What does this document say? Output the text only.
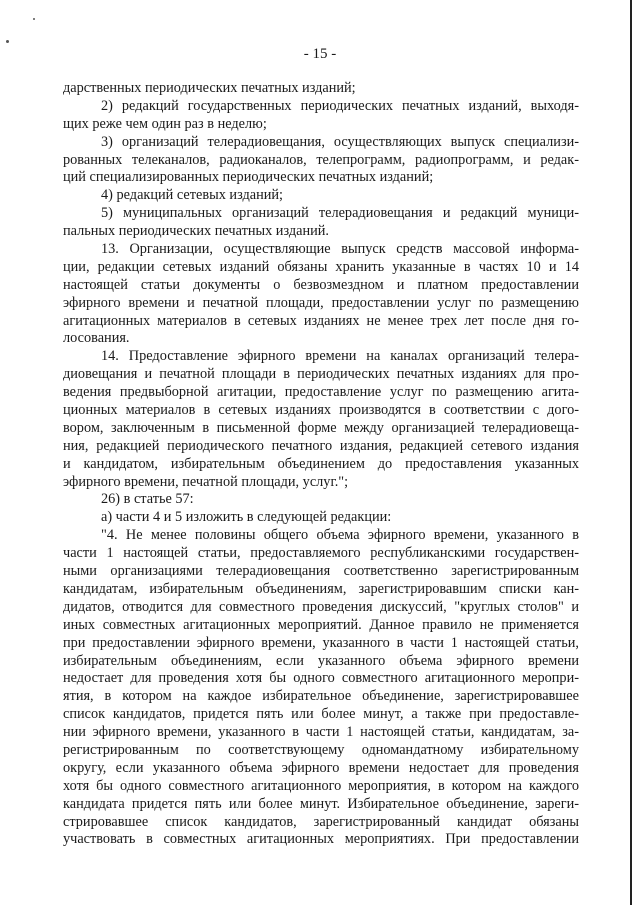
- 15 -
дарственных периодических печатных изданий;
2) редакций государственных периодических печатных изданий, выходя-
щих реже чем один раз в неделю;
3) организаций телерадиовещания, осуществляющих выпуск специализи-
рованных телеканалов, радиоканалов, телепрограмм, радиопрограмм, и редак-
ций специализированных периодических печатных изданий;
4) редакций сетевых изданий;
5) муниципальных организаций телерадиовещания и редакций муници-
пальных периодических печатных изданий.
13. Организации, осуществляющие выпуск средств массовой информа-
ции, редакции сетевых изданий обязаны хранить указанные в частях 10 и 14
настоящей статьи документы о безвозмездном и платном предоставлении
эфирного времени и печатной площади, предоставлении услуг по размещению
агитационных материалов в сетевых изданиях не менее трех лет после дня го-
лосования.
14. Предоставление эфирного времени на каналах организаций телера-
диовещания и печатной площади в периодических печатных изданиях для про-
ведения предвыборной агитации, предоставление услуг по размещению агита-
ционных материалов в сетевых изданиях производятся в соответствии с дого-
вором, заключенным в письменной форме между организацией телерадиовеща-
ния, редакцией периодического печатного издания, редакцией сетевого издания
и кандидатом, избирательным объединением до предоставления указанных
эфирного времени, печатной площади, услуг.";
26) в статье 57:
а) части 4 и 5 изложить в следующей редакции:
"4. Не менее половины общего объема эфирного времени, указанного в
части 1 настоящей статьи, предоставляемого республиканскими государствен-
ными организациями телерадиовещания соответственно зарегистрированным
кандидатам, избирательным объединениям, зарегистрировавшим списки кан-
дидатов, отводится для совместного проведения дискуссий, "круглых столов" и
иных совместных агитационных мероприятий. Данное правило не применяется
при предоставлении эфирного времени, указанного в части 1 настоящей статьи,
избирательным объединениям, если указанного объема эфирного времени
недостает для проведения хотя бы одного совместного агитационного меропри-
ятия, в котором на каждое избирательное объединение, зарегистрировавшее
список кандидатов, придется пять или более минут, а также при предоставле-
нии эфирного времени, указанного в части 1 настоящей статьи, кандидатам, за-
регистрированным по соответствующему одномандатному избирательному
округу, если указанного объема эфирного времени недостает для проведения
хотя бы одного совместного агитационного мероприятия, в котором на каждого
кандидата придется пять или более минут. Избирательное объединение, зареги-
стрировавшее список кандидатов, зарегистрированный кандидат обязаны
участвовать в совместных агитационных мероприятиях. При предоставлении
